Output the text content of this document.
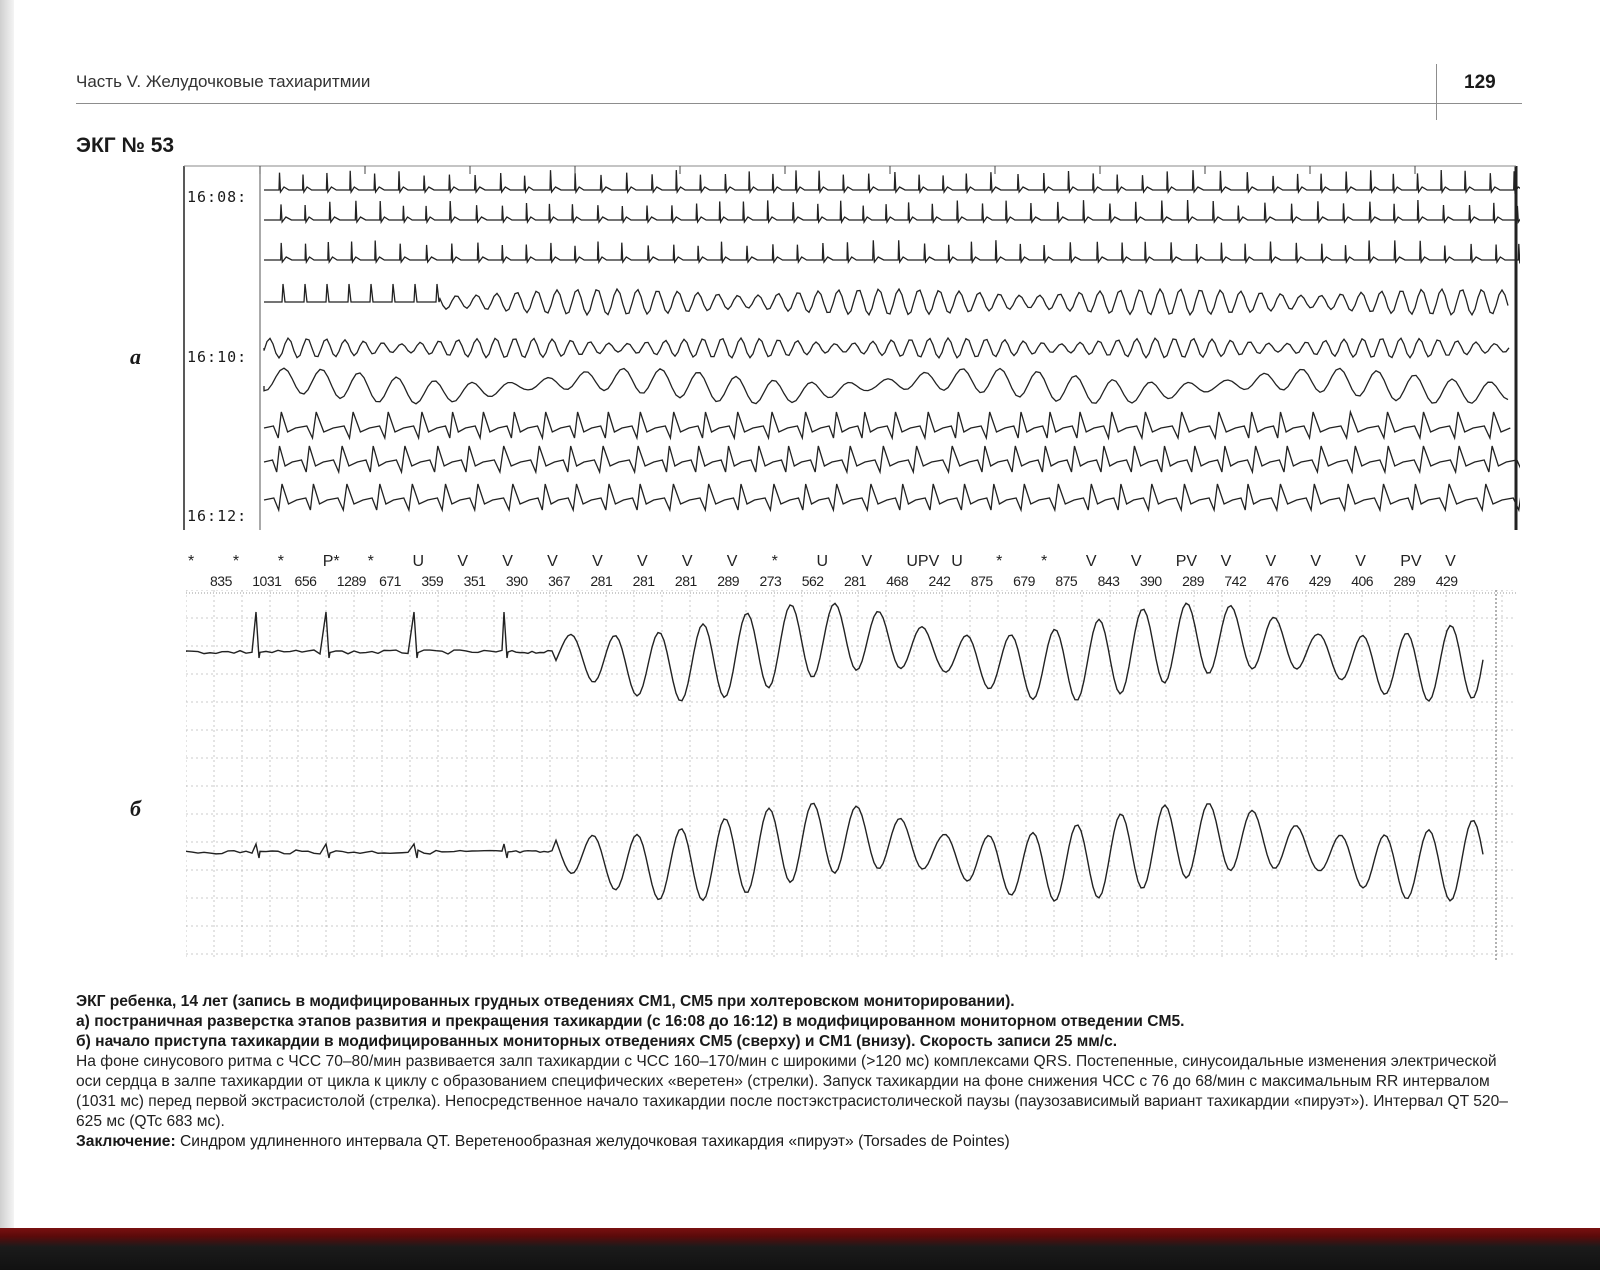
Часть V. Желудочковые тахиаритмии	129
ЭКГ № 53
а
б
16:08:
16:10:
16:12:
835 1031 656 1289 671 359 351 390 367 281 281 281 289 273 562 281 468 242 875 679 875 843 390 289 742 476 429 406 289 429
* * * P* * U V V V V V V V * U V UPV U * * V V PV V V V V PV V

ЭКГ ребенка, 14 лет (запись в модифицированных грудных отведениях CM1, CM5 при холтеровском мониторировании).

а) постраничная разверстка этапов развития и прекращения тахикардии (с 16:08 до 16:12) в модифицированном мониторном отведении CM5.

б) начало приступа тахикардии в модифицированных мониторных отведениях CM5 (сверху) и CM1 (внизу). Скорость записи 25 мм/с.

На фоне синусового ритма с ЧСС 70–80/мин развивается залп тахикардии с ЧСС 160–170/мин с широкими (>120 мс) комплексами QRS. Постепенные, синусоидальные изменения электрической оси сердца в залпе тахикардии от цикла к циклу с образованием специфических «веретен» (стрелки). Запуск тахикардии на фоне снижения ЧСС с 76 до 68/мин с максимальным RR интервалом (1031 мс) перед первой экстрасистолой (стрелка). Непосредственное начало тахикардии после постэкстрасистолической паузы (паузозависимый вариант тахикардии «пируэт»). Интервал QT 520–625 мс (QTc 683 мс).

Заключение: Синдром удлиненного интервала QT. Веретенообразная желудочковая тахикардия «пируэт» (Torsades de Pointes)
